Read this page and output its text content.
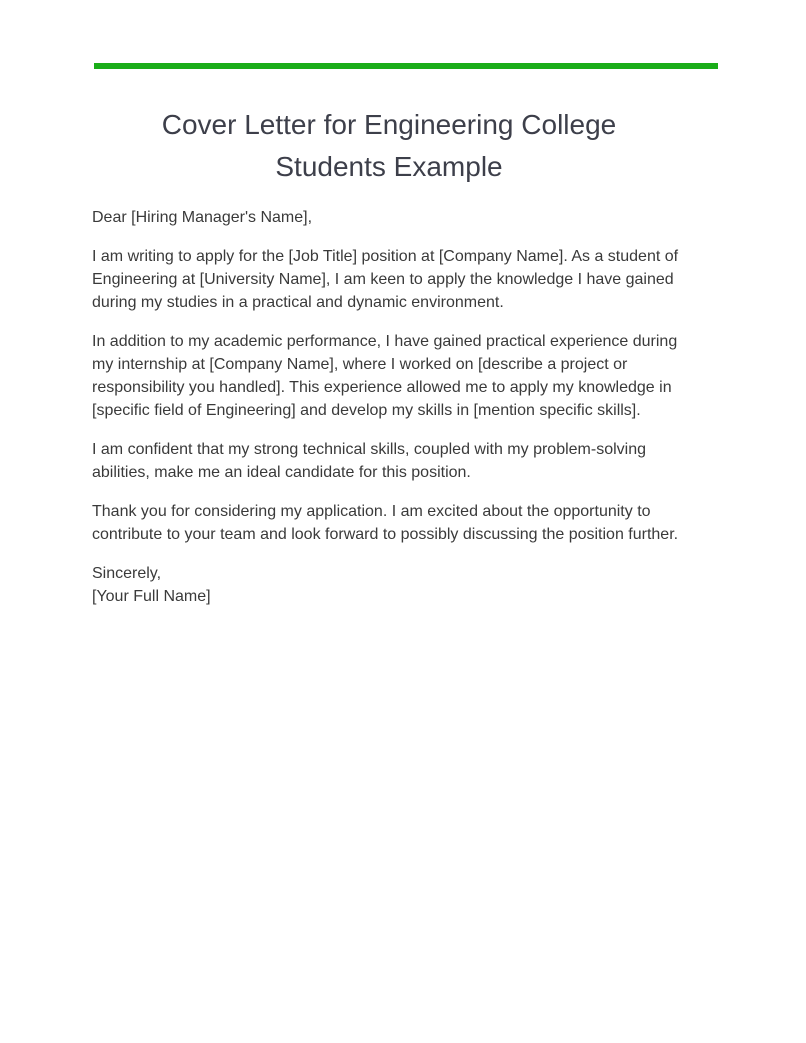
Cover Letter for Engineering College
Students Example

Dear [Hiring Manager's Name],

I am writing to apply for the [Job Title] position at [Company Name]. As a student of Engineering at [University Name], I am keen to apply the knowledge I have gained during my studies in a practical and dynamic environment.

In addition to my academic performance, I have gained practical experience during my internship at [Company Name], where I worked on [describe a project or responsibility you handled]. This experience allowed me to apply my knowledge in [specific field of Engineering] and develop my skills in [mention specific skills].

I am confident that my strong technical skills, coupled with my problem-solving abilities, make me an ideal candidate for this position.

Thank you for considering my application. I am excited about the opportunity to contribute to your team and look forward to possibly discussing the position further.

Sincerely,
[Your Full Name]
